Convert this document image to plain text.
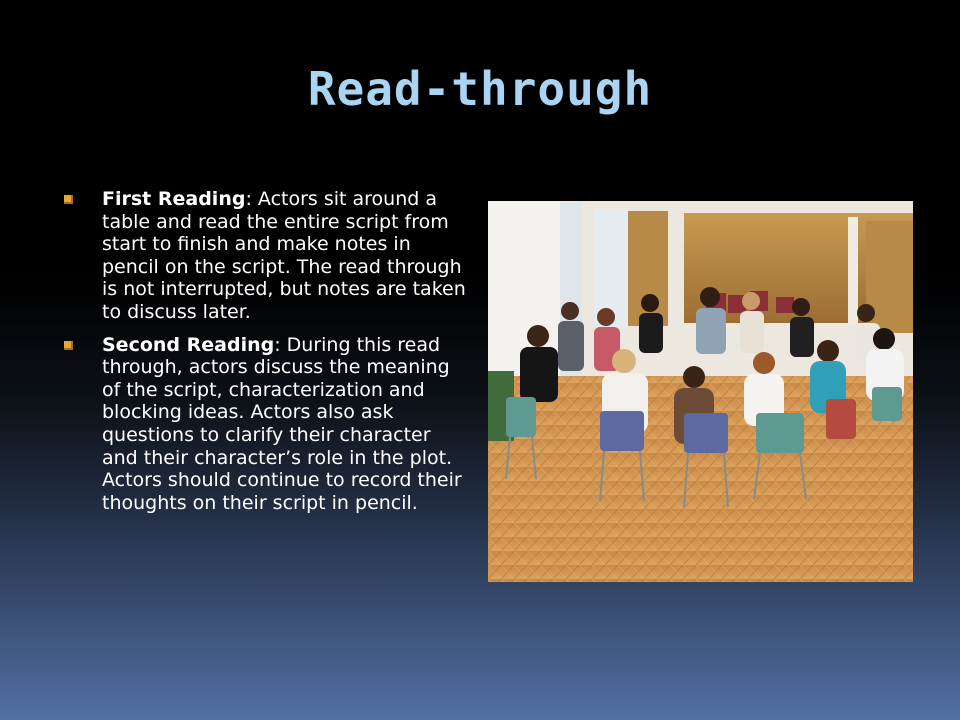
Read-through
First Reading: Actors sit around a table and read the entire script from start to finish and make notes in pencil on the script. The read through is not interrupted, but notes are taken to discuss later.
Second Reading: During this read through, actors discuss the meaning of the script, characterization and blocking ideas. Actors also ask questions to clarify their character and their character’s role in the plot. Actors should continue to record their thoughts on their script in pencil.
